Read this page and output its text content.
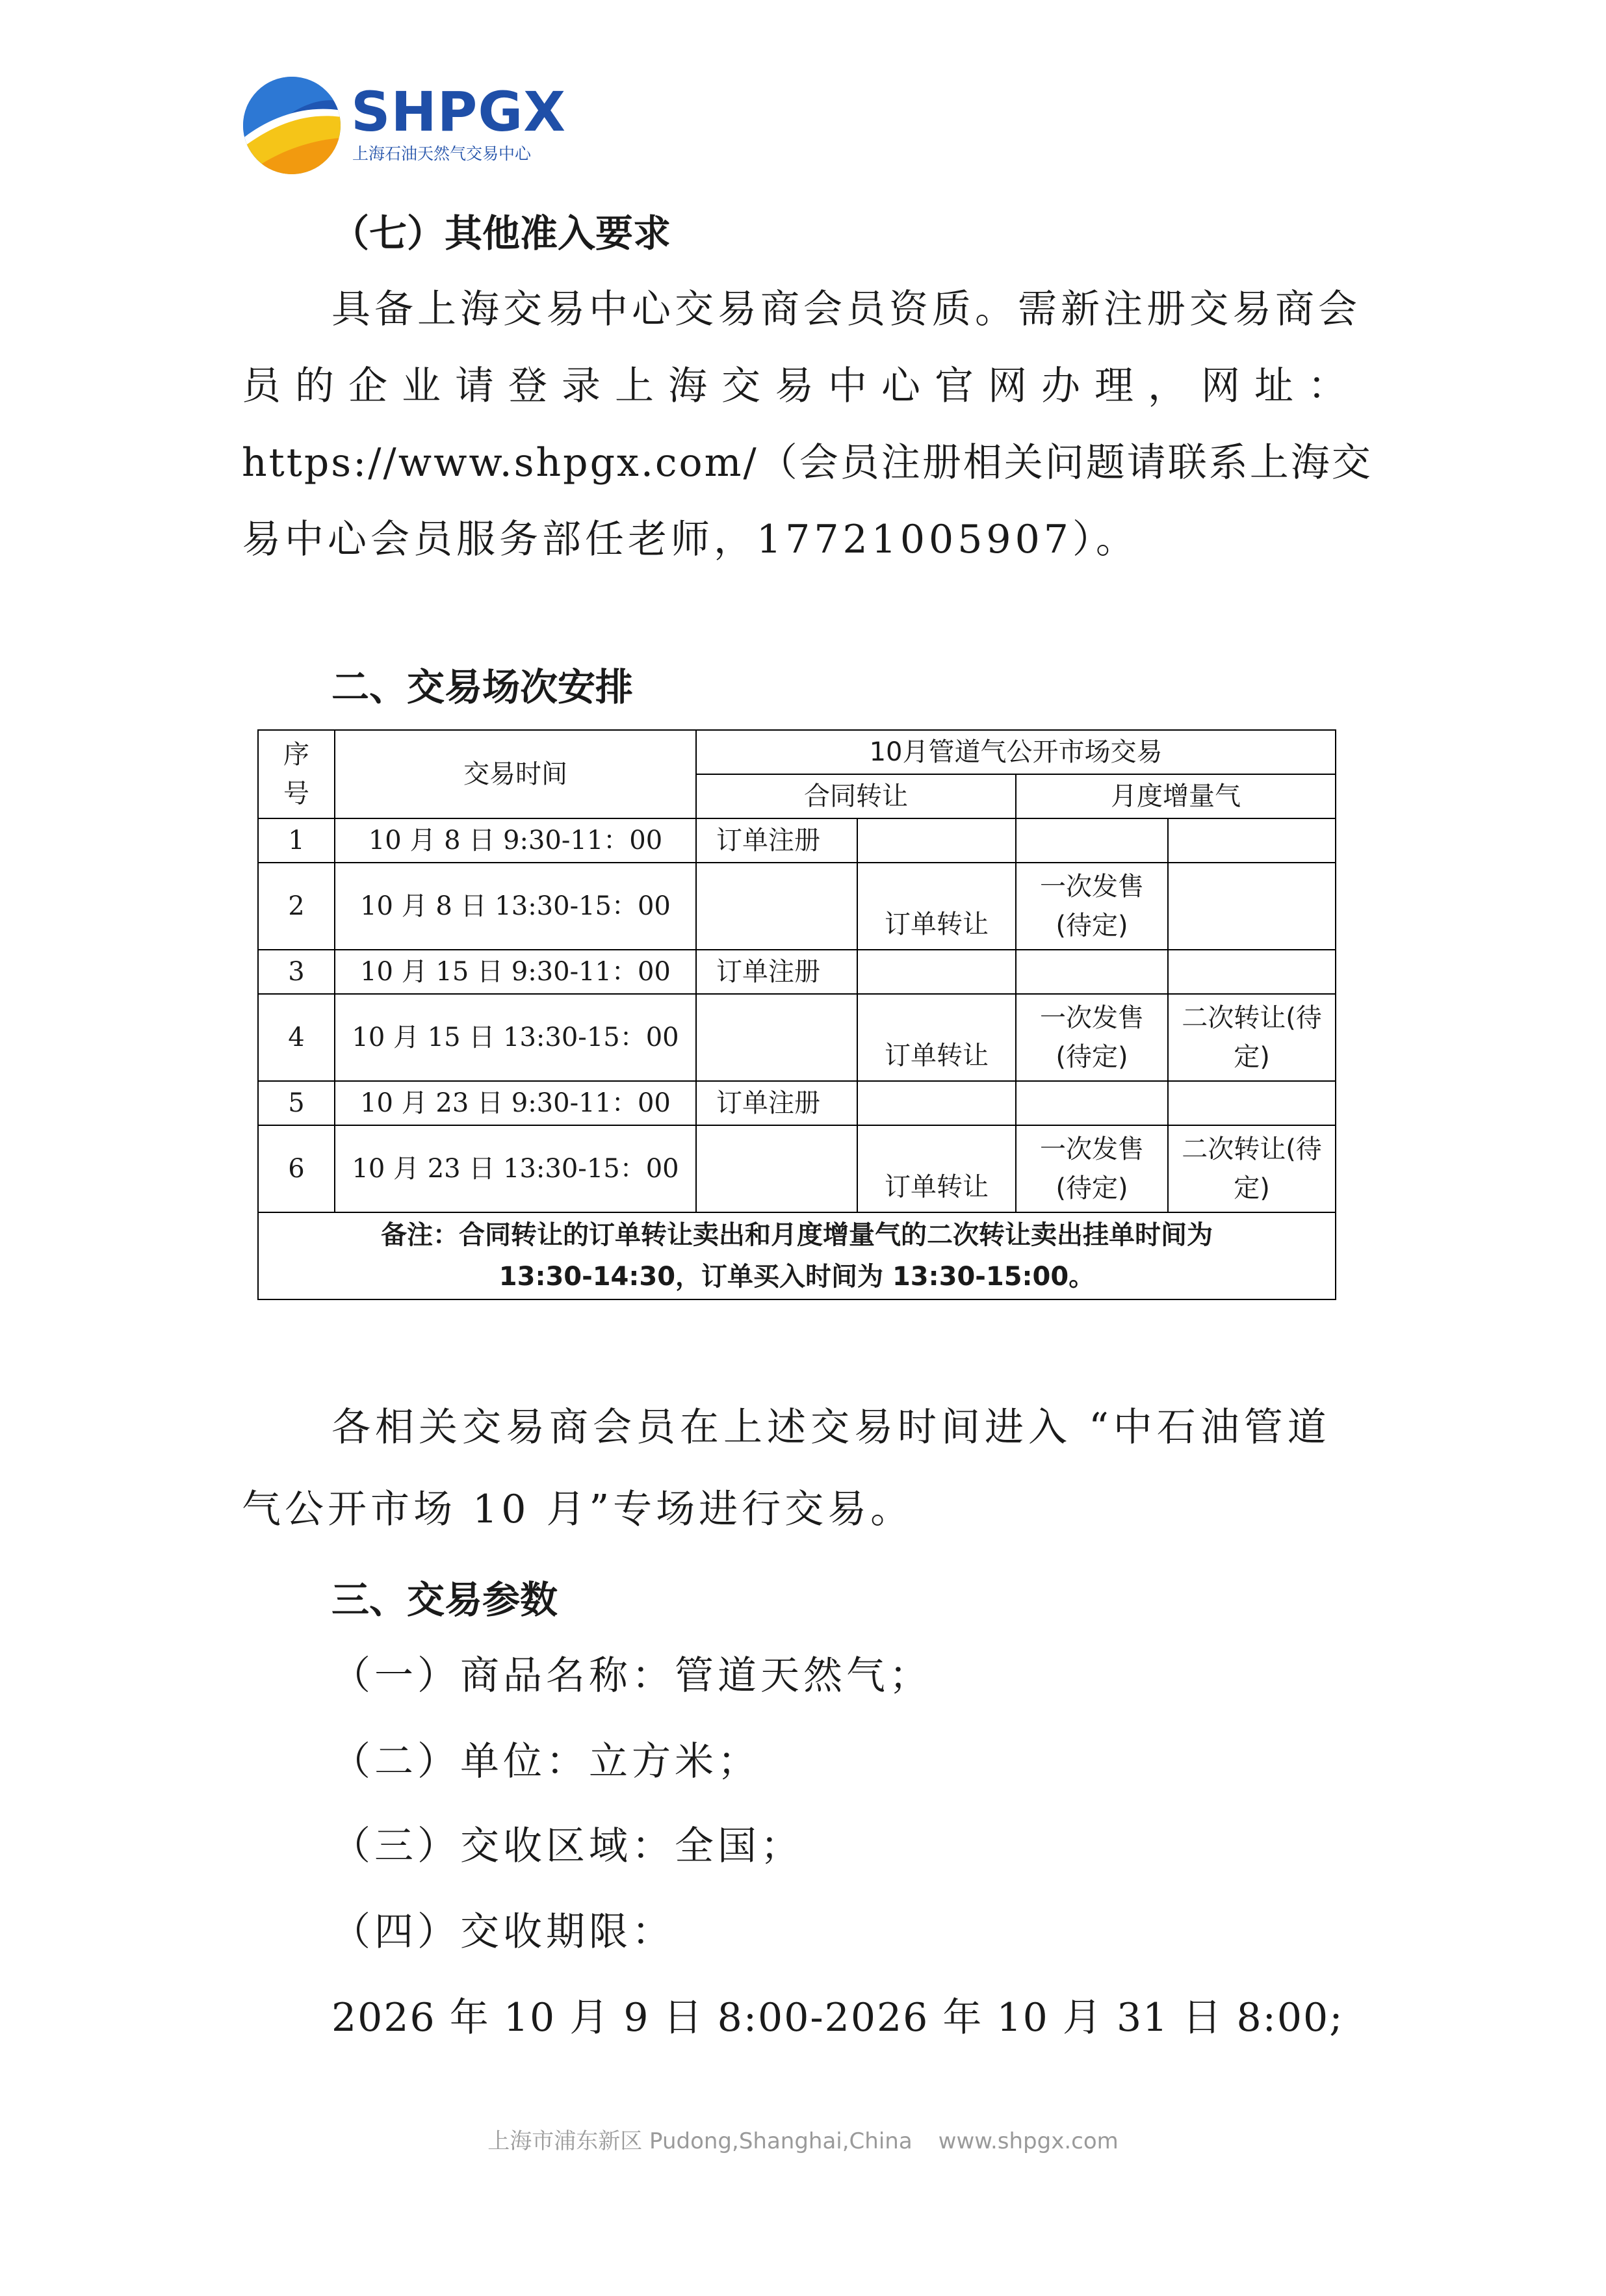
SHPGX
上海石油天然气交易中心
（七）其他准入要求
具备上海交易中心交易商会员资质。需新注册交易商会
员 的 企 业 请 登 录 上 海 交 易 中 心 官 网 办 理 ， 网 址 ：
https://www.shpgx.com/（会员注册相关问题请联系上海交
易中心会员服务部任老师，17721005907）。
二、交易场次安排
序号	交易时间	10月管道气公开市场交易			
		合同转让		月度增量气	
1	10 月 8 日 9:30-11：00	订单注册			
2	10 月 8 日 13:30-15：00		订单转让	一次发售(待定)	
3	10 月 15 日 9:30-11：00	订单注册			
4	10 月 15 日 13:30-15：00		订单转让	一次发售(待定)	二次转让(待定)
5	10 月 23 日 9:30-11：00	订单注册			
6	10 月 23 日 13:30-15：00		订单转让	一次发售(待定)	二次转让(待定)

备注：合同转让的订单转让卖出和月度增量气的二次转让卖出挂单时间为
13:30-14:30，订单买入时间为 13:30-15:00。					
各相关交易商会员在上述交易时间进入 “中石油管道
气公开市场 10 月”专场进行交易。
三、交易参数
（一）商品名称：管道天然气；
（二）单位：立方米；
（三）交收区域：全国；
（四）交收期限：
2026 年 10 月 9 日 8:00-2026 年 10 月 31 日 8:00;
上海市浦东新区 Pudong,Shanghai,China www.shpgx.com
